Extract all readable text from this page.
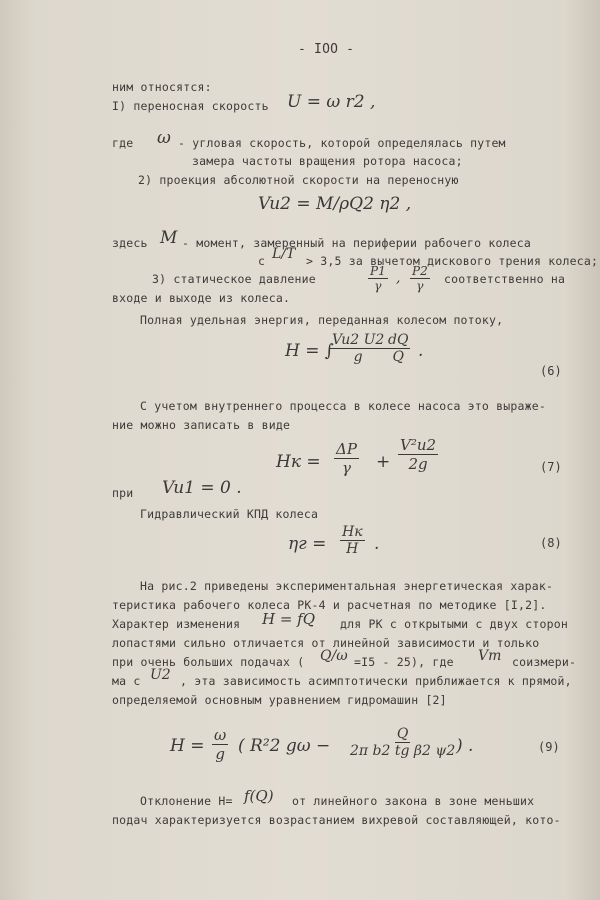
- IOO -
ним относятся:
I) переносная скорость U = ω r2 ,
где ω - угловая скорость, которой определялась путем
замера частоты вращения ротора насоса;
2) проекция абсолютной скорости на переносную
Vu2 = M/ρQ2 η2 ,
здесь M - момент, замеренный на периферии рабочего колеса
с L/T > 3,5 за вычетом дискового трения колеса;
3) статическое давление	$\frac{P1}{\gamma}$ , $\frac{P2}{\gamma}$ соответственно на
входе и выходе из колеса.
Полная удельная энергия, переданная колесом потоку,
H = ∫
$\frac{Vu2 U2}{g} \frac{dQ}{Q}$ .
(6)
С учетом внутреннего процесса в колесе насоса это выраже-
ние можно записать в виде
Hк = $\frac{\Delta P}{\gamma} + \frac{\text{V²u2}}{2g}$	(7)
при Vu1 = 0 .
Гидравлический КПД колеса
ηг =
Hк
H .	(8)
На рис.2 приведены экспериментальная энергетическая харак-
теристика рабочего колеса РК-4 и расчетная по методике [I,2].
Характер изменения H = fQ для РК с открытыми с двух сторон
лопастями сильно отличается от линейной зависимости и только
при очень больших подачах ( Q/ω =I5 - 25), где Vm соизмери-
ма с U2 , эта зависимость асимптотически приближается к прямой,
определяемой основным уравнением гидромашин [2]
$H = \frac{\omega}{g}$ ( R²2 $g\omega - \frac{Q}{\text{2π b2 tg β2 ψ2}}$
) .	(9)
Отклонение Н= f(Q) от линейного закона в зоне меньших
подач характеризуется возрастанием вихревой составляющей, кото-
